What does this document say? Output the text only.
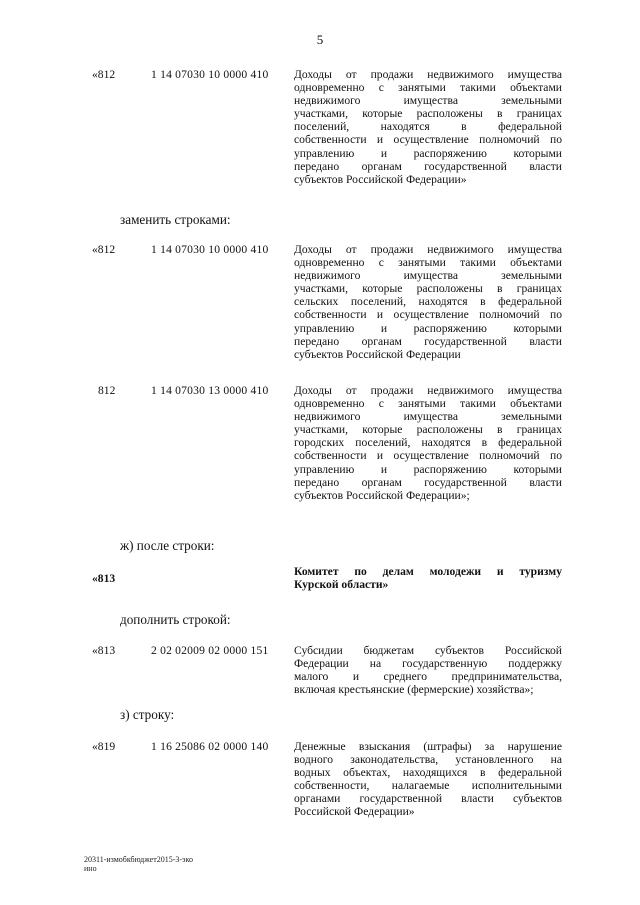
5
«812	1 14 07030 10 0000 410 Доходы от продажи недвижимого имущества
одновременно с занятыми такими объектами
недвижимого имущества земельными
участками, которые расположены в границах
поселений, находятся в федеральной
собственности и осуществление полномочий по
управлению и распоряжению которыми
передано органам государственной власти
субъектов Российской Федерации»
заменить строками:
«812	1 14 07030 10 0000 410 Доходы от продажи недвижимого имущества
одновременно с занятыми такими объектами
недвижимого имущества земельными
участками, которые расположены в границах
сельских поселений, находятся в федеральной
собственности и осуществление полномочий по
управлению и распоряжению которыми
передано органам государственной власти
субъектов Российской Федерации
812	1 14 07030 13 0000 410 Доходы от продажи недвижимого имущества
одновременно с занятыми такими объектами
недвижимого имущества земельными
участками, которые расположены в границах
городских поселений, находятся в федеральной
собственности и осуществление полномочий по
управлению и распоряжению которыми
передано органам государственной власти
субъектов Российской Федерации»;
ж) после строки:
«813
Комитет по делам молодежи и туризму
Курской области»
дополнить строкой:
«813	2 02 02009 02 0000 151 Субсидии бюджетам субъектов Российской
Федерации на государственную поддержку
малого и среднего предпринимательства,
включая крестьянские (фермерские) хозяйства»;
з) строку:
«819	1 16 25086 02 0000 140 Денежные взыскания (штрафы) за нарушение
водного законодательства, установленного на
водных объектах, находящихся в федеральной
собственности, налагаемые исполнительными
органами государственной власти субъектов
Российской Федерации»
20311-измобкбюджет2015-3-эко
ино
